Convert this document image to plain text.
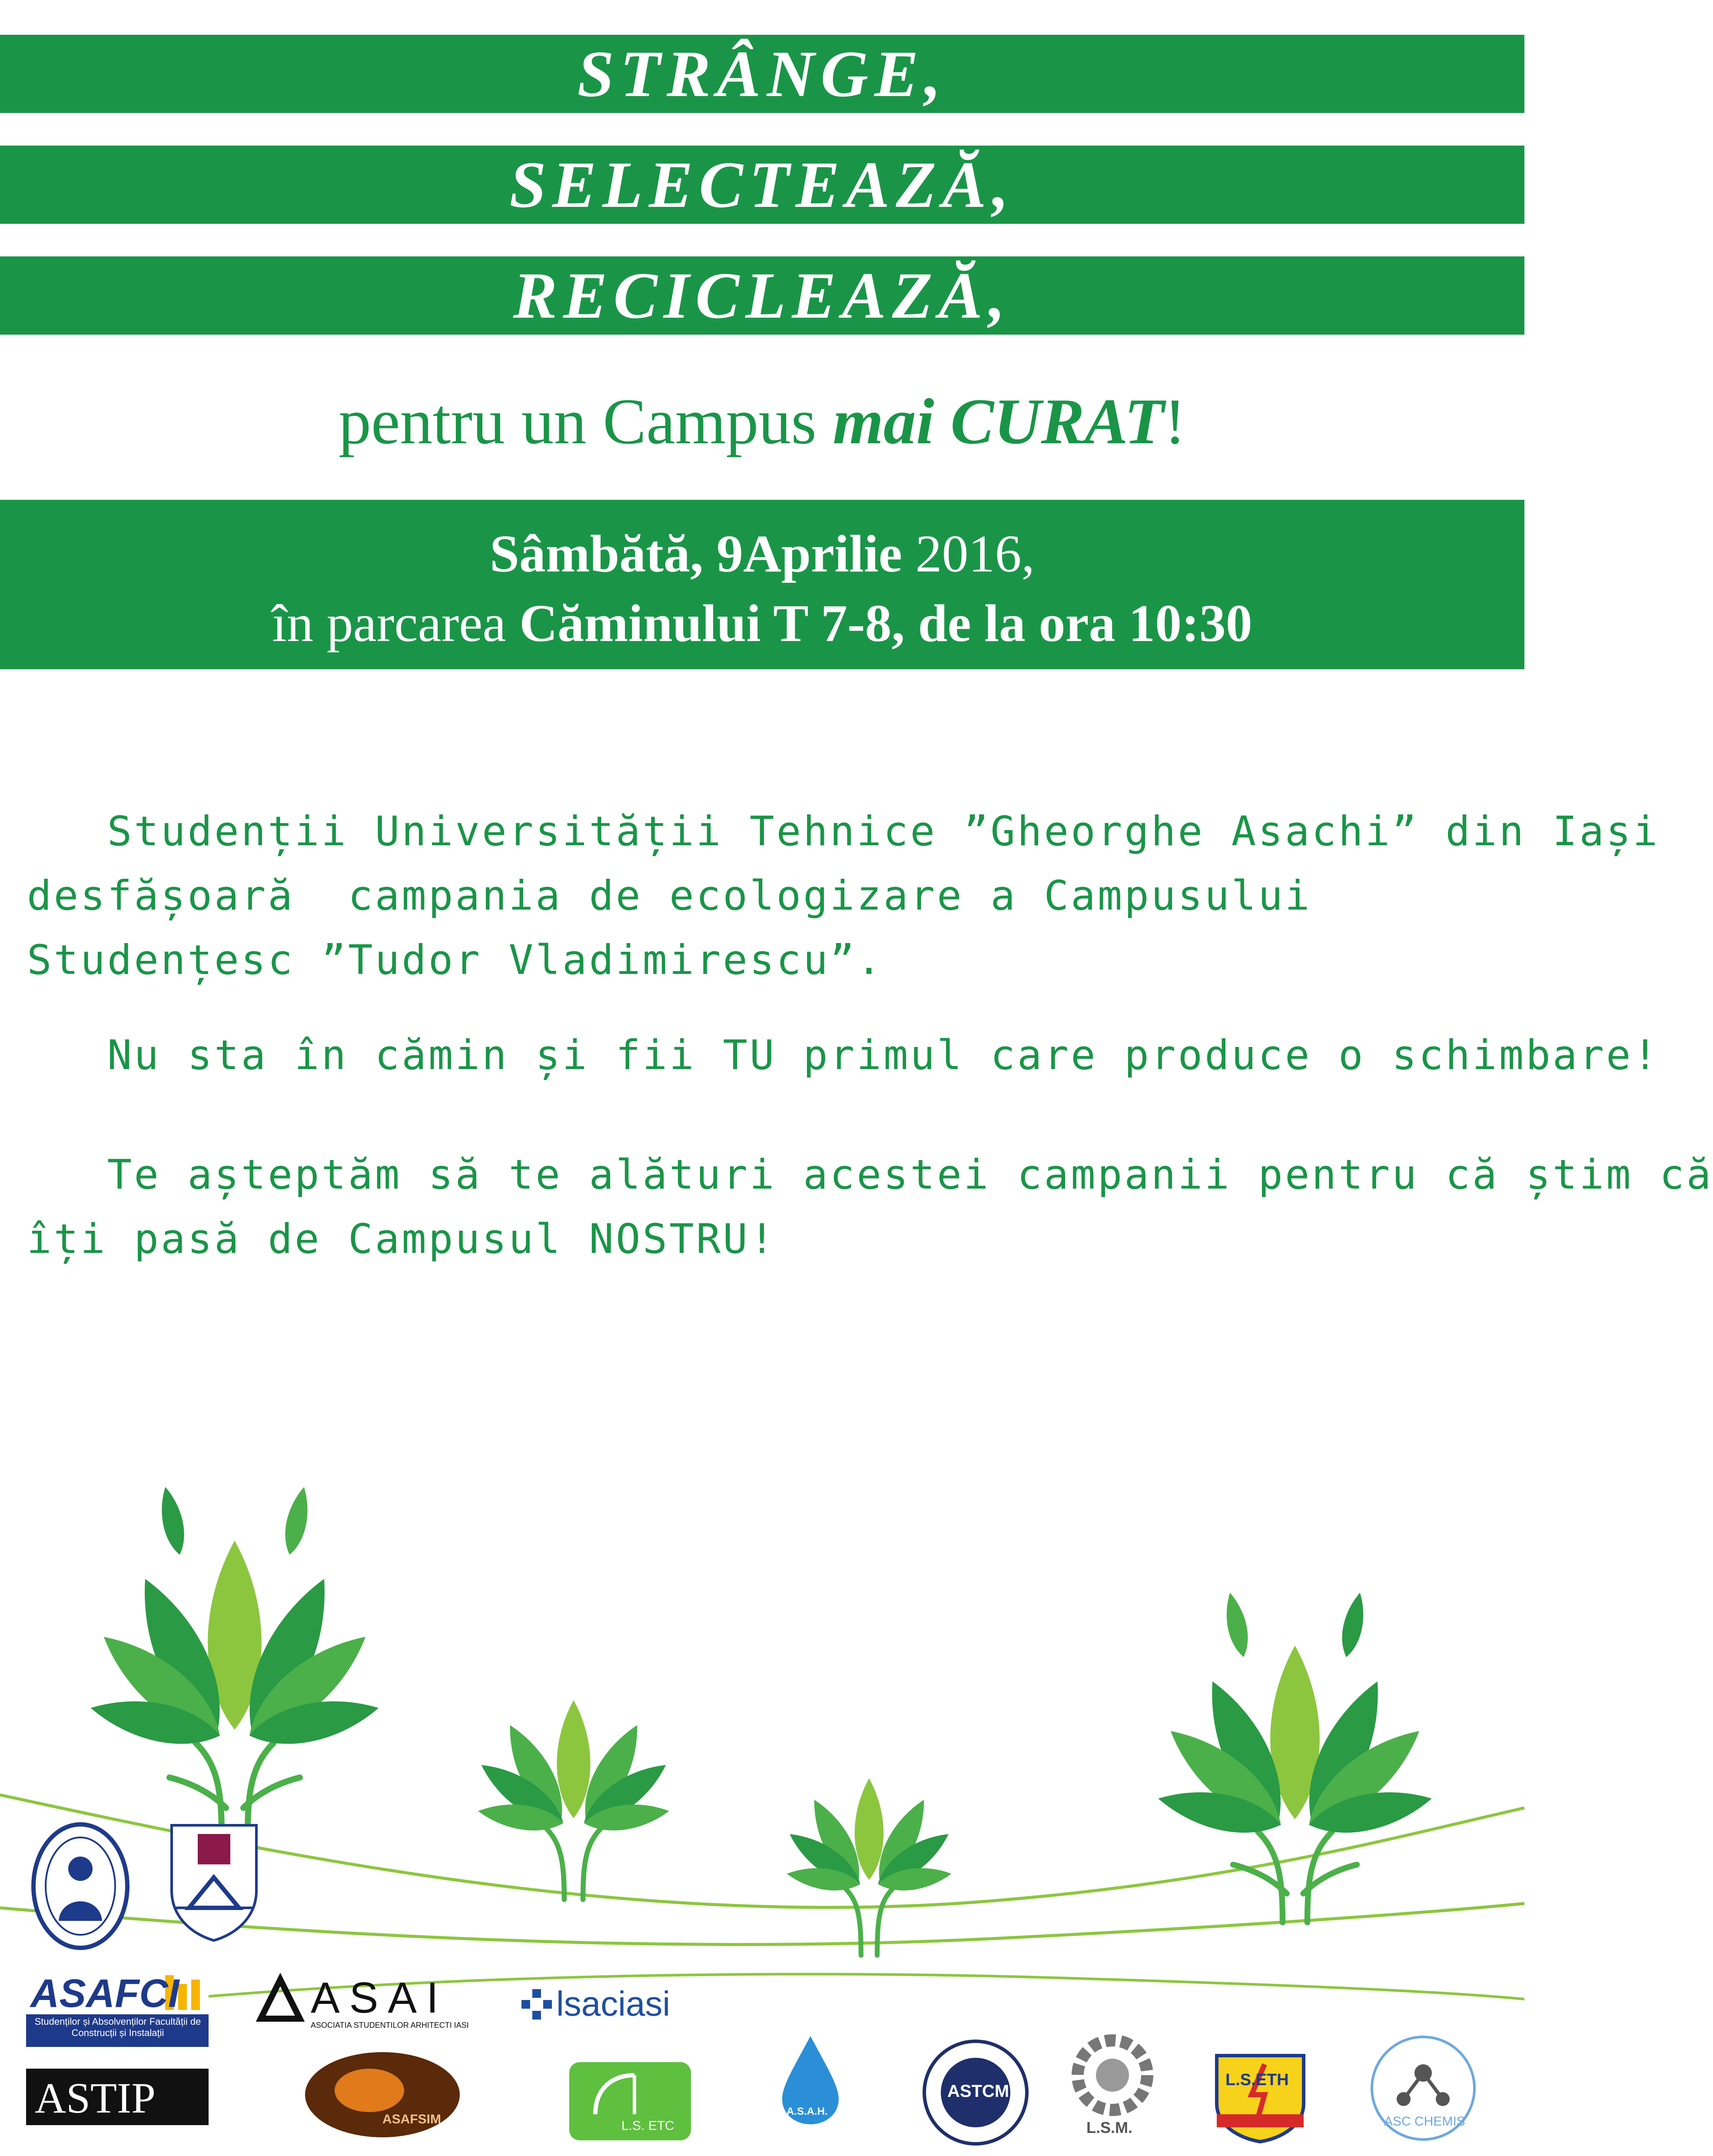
STRÂNGE,
SELECTEAZĂ,
RECICLEAZĂ,
pentru un Campus mai CURAT!
Sâmbătă, 9Aprilie 2016,
în parcarea Căminului T 7-8, de la ora 10:30
Studenții Universității Tehnice ”Gheorghe Asachi” din Iași
desfășoară  campania de ecologizare a Campusului
Studențesc ”Tudor Vladimirescu”.
Nu sta în cămin și fii TU primul care produce o schimbare!
Te așteptăm să te alături acestei campanii pentru că știm că
îți pasă de Campusul NOSTRU!
ASAFCI
Studenților și Absolvenților Facultății de Construcții și Instalații
ASAI
ASOCIATIA STUDENTILOR ARHITECTI IASI
lsaciasi
ASTIP	ASAFSIM	L.S. ETC
A.S.A.H.
ASTCM
L.S.M.
L.S.ETH
ASC CHEMIS
